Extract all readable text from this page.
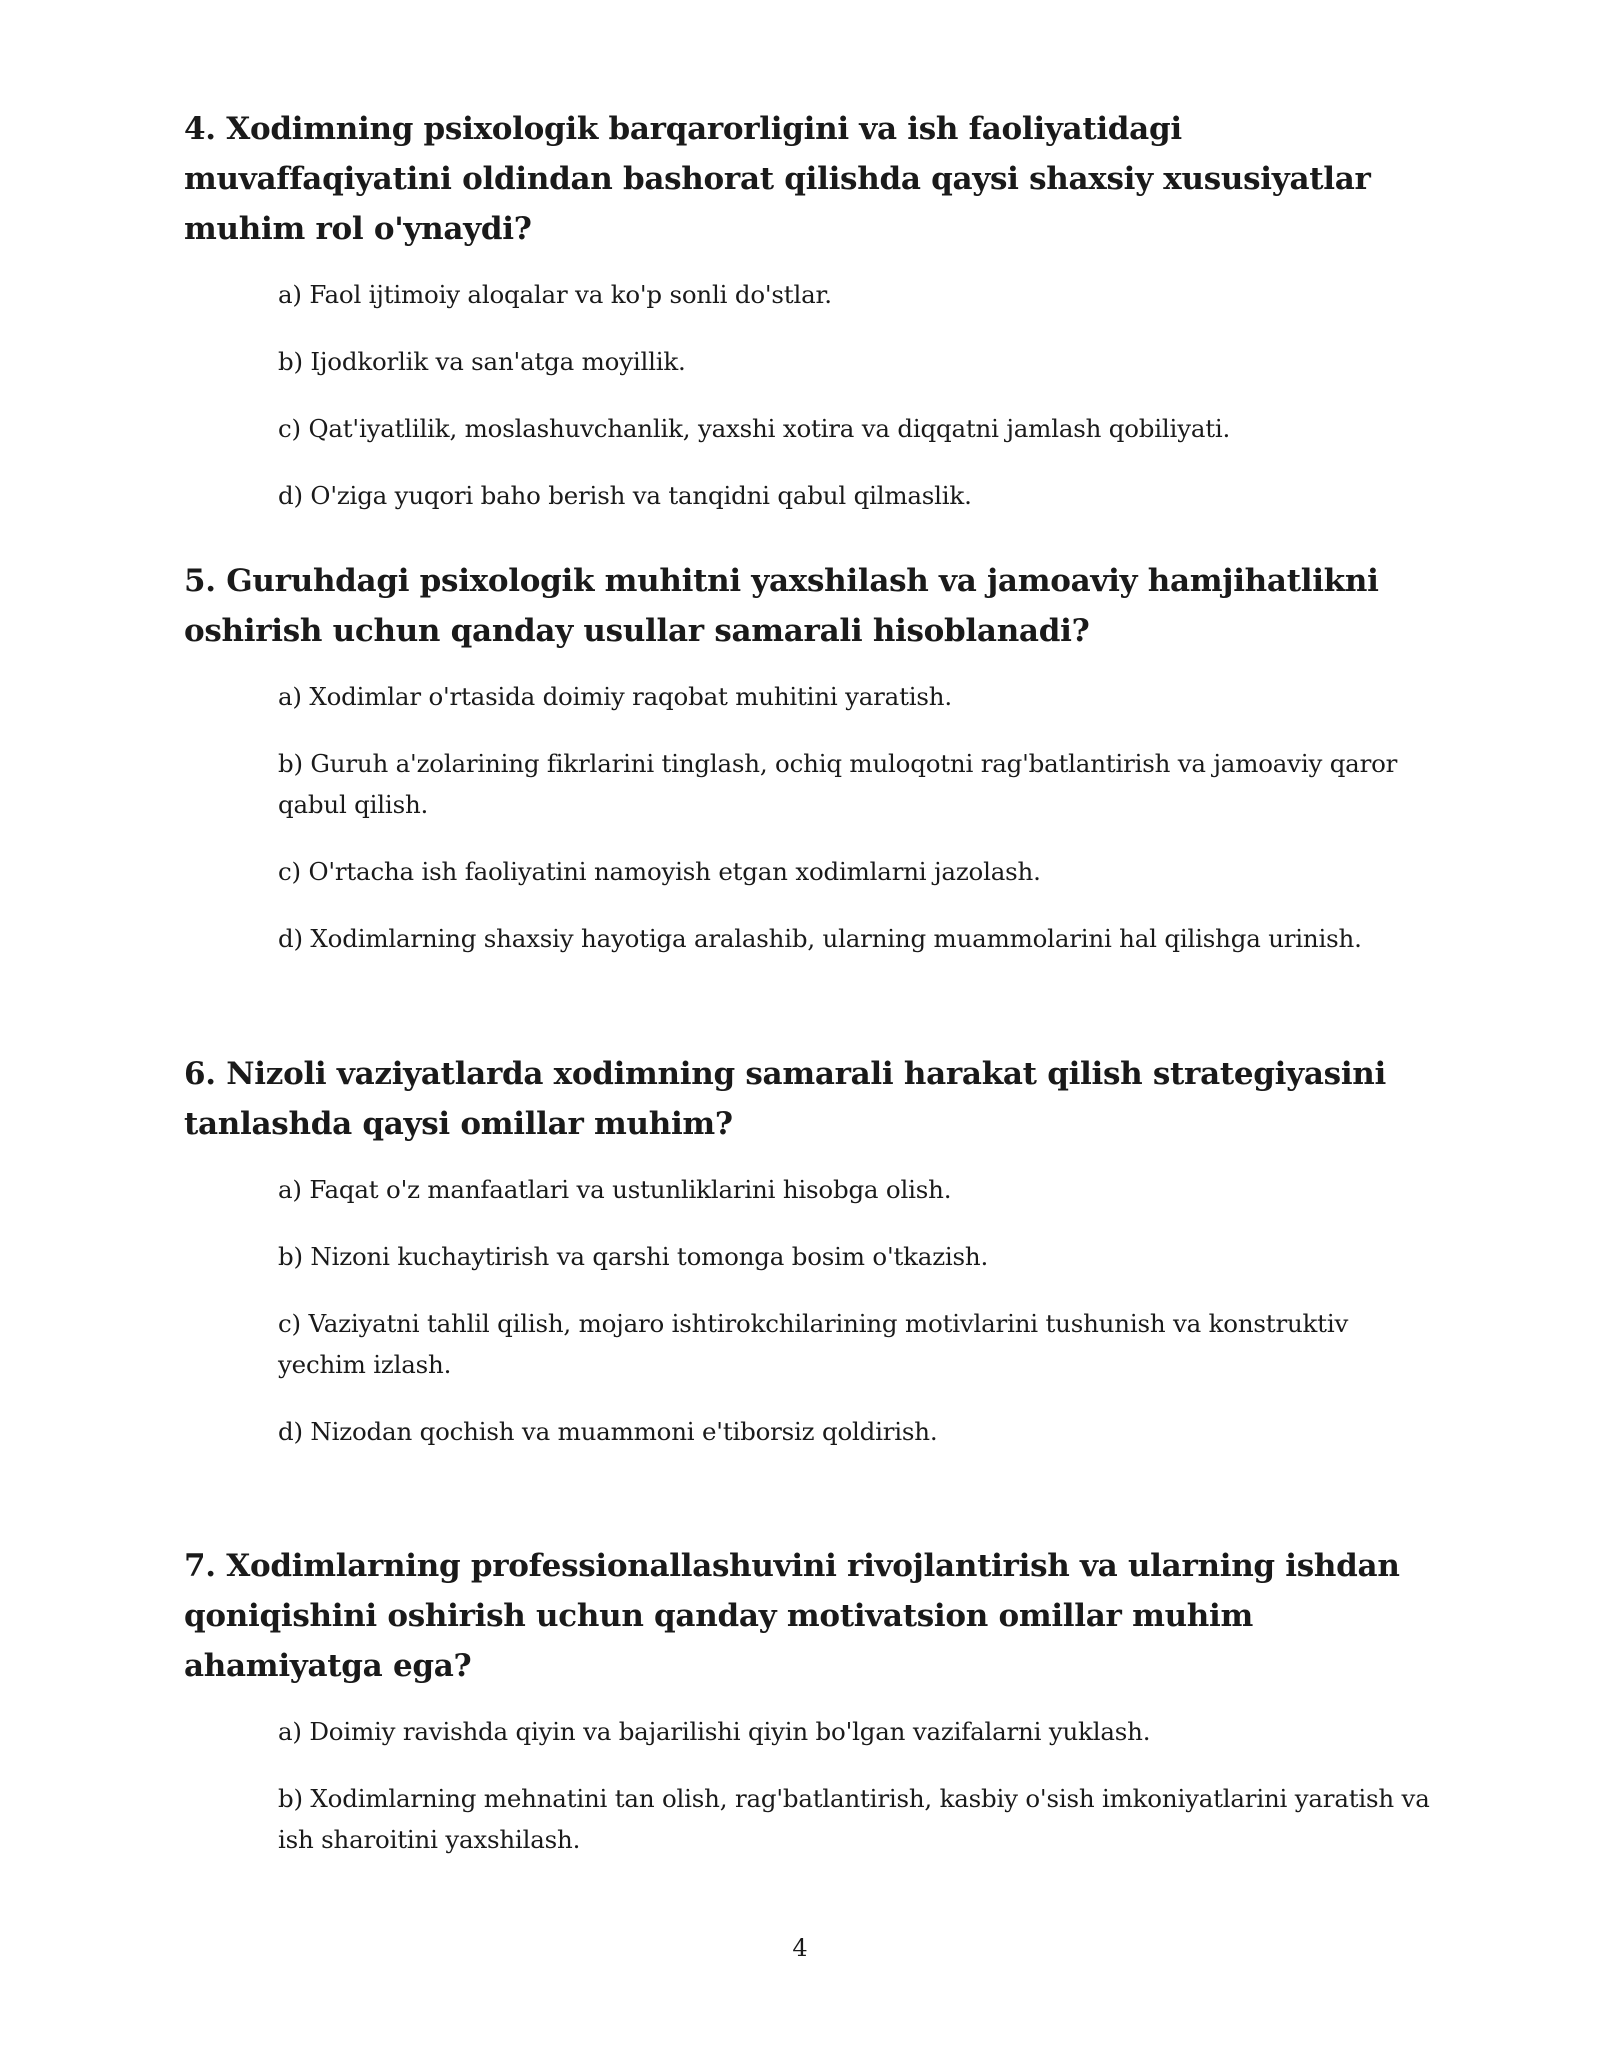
4. Xodimning psixologik barqarorligini va ish faoliyatidagi muvaffaqiyatini oldindan bashorat qilishda qaysi shaxsiy xususiyatlar muhim rol o'ynaydi?
a) Faol ijtimoiy aloqalar va ko'p sonli do'stlar.
b) Ijodkorlik va san'atga moyillik.
c) Qat'iyatlilik, moslashuvchanlik, yaxshi xotira va diqqatni jamlash qobiliyati.
d) O'ziga yuqori baho berish va tanqidni qabul qilmaslik.
5. Guruhdagi psixologik muhitni yaxshilash va jamoaviy hamjihatlikni oshirish uchun qanday usullar samarali hisoblanadi?
a) Xodimlar o'rtasida doimiy raqobat muhitini yaratish.
b) Guruh a'zolarining fikrlarini tinglash, ochiq muloqotni rag'batlantirish va jamoaviy qaror qabul qilish.
c) O'rtacha ish faoliyatini namoyish etgan xodimlarni jazolash.
d) Xodimlarning shaxsiy hayotiga aralashib, ularning muammolarini hal qilishga urinish.
6. Nizoli vaziyatlarda xodimning samarali harakat qilish strategiyasini tanlashda qaysi omillar muhim?
a) Faqat o'z manfaatlari va ustunliklarini hisobga olish.
b) Nizoni kuchaytirish va qarshi tomonga bosim o'tkazish.
c) Vaziyatni tahlil qilish, mojaro ishtirokchilarining motivlarini tushunish va konstruktiv yechim izlash.
d) Nizodan qochish va muammoni e'tiborsiz qoldirish.
7. Xodimlarning professionallashuvini rivojlantirish va ularning ishdan qoniqishini oshirish uchun qanday motivatsion omillar muhim ahamiyatga ega?
a) Doimiy ravishda qiyin va bajarilishi qiyin bo'lgan vazifalarni yuklash.
b) Xodimlarning mehnatini tan olish, rag'batlantirish, kasbiy o'sish imkoniyatlarini yaratish va ish sharoitini yaxshilash.
4
